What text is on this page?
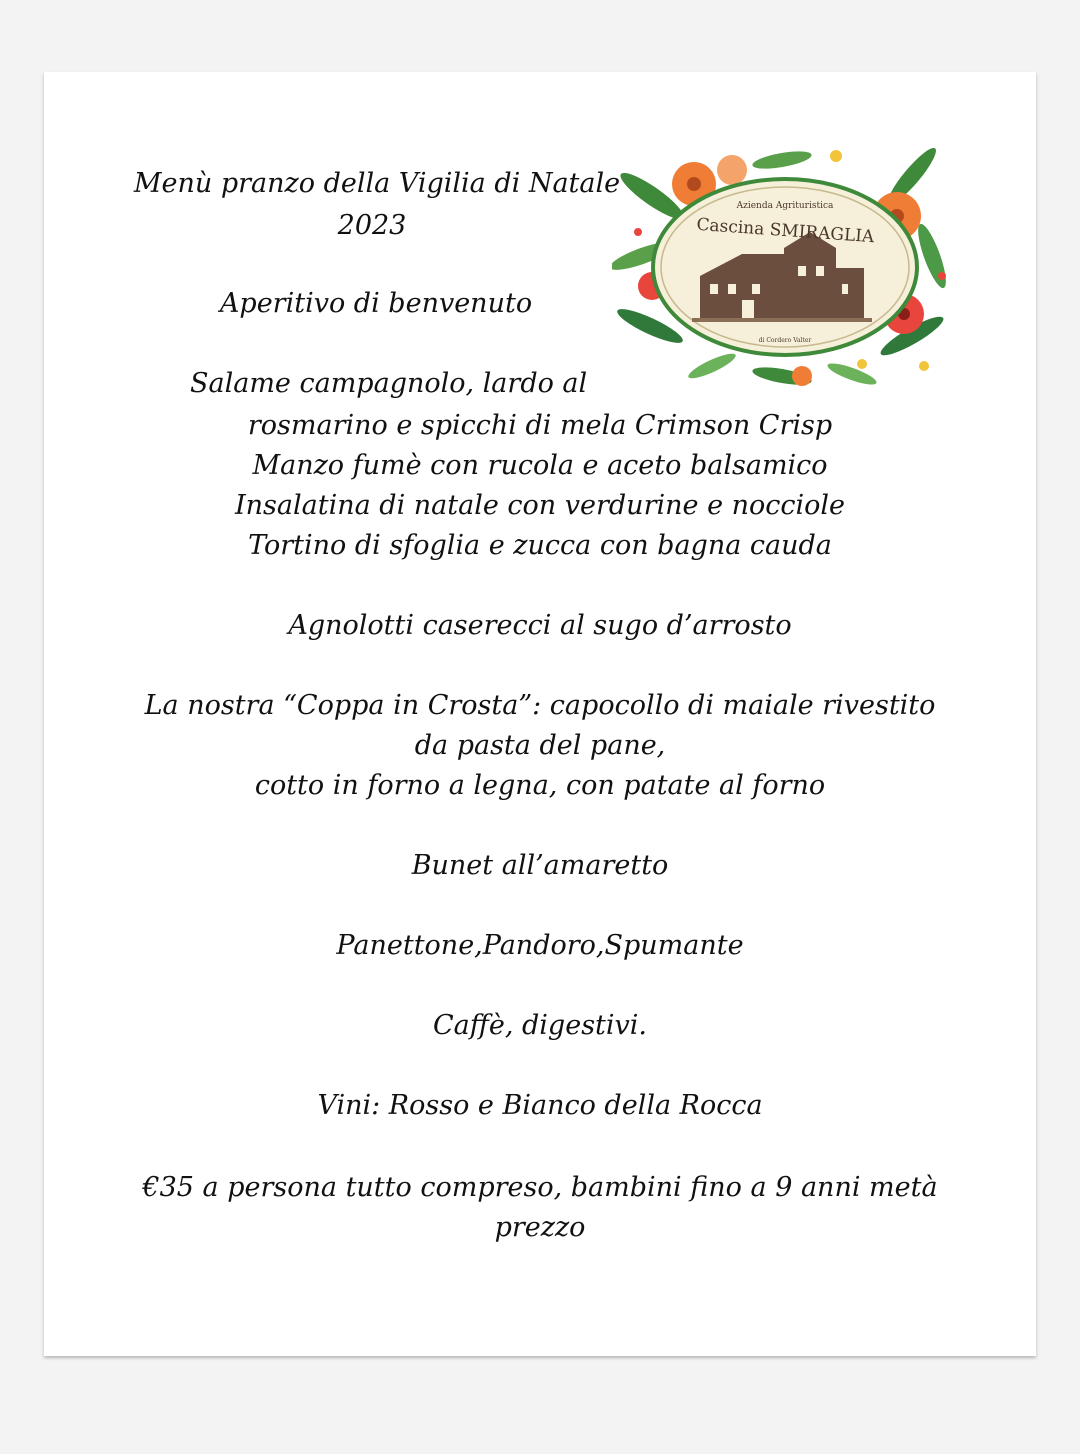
Menù pranzo della Vigilia di Natale
2023
Aperitivo di benvenuto
Salame campagnolo, lardo al
rosmarino e spicchi di mela Crimson Crisp
Manzo fumè con rucola e aceto balsamico
Insalatina di natale con verdurine e nocciole
Tortino di sfoglia e zucca con bagna cauda
Agnolotti caserecci al sugo d’arrosto
La nostra “Coppa in Crosta”: capocollo di maiale rivestito
da pasta del pane,
cotto in forno a legna, con patate al forno
Bunet all’amaretto
Panettone,Pandoro,Spumante
Caffè, digestivi.
Vini: Rosso e Bianco della Rocca
€35 a persona tutto compreso, bambini fino a 9 anni metà
prezzo
Azienda Agrituristica
Cascina SMIRAGLIA
di Cordero Valter
